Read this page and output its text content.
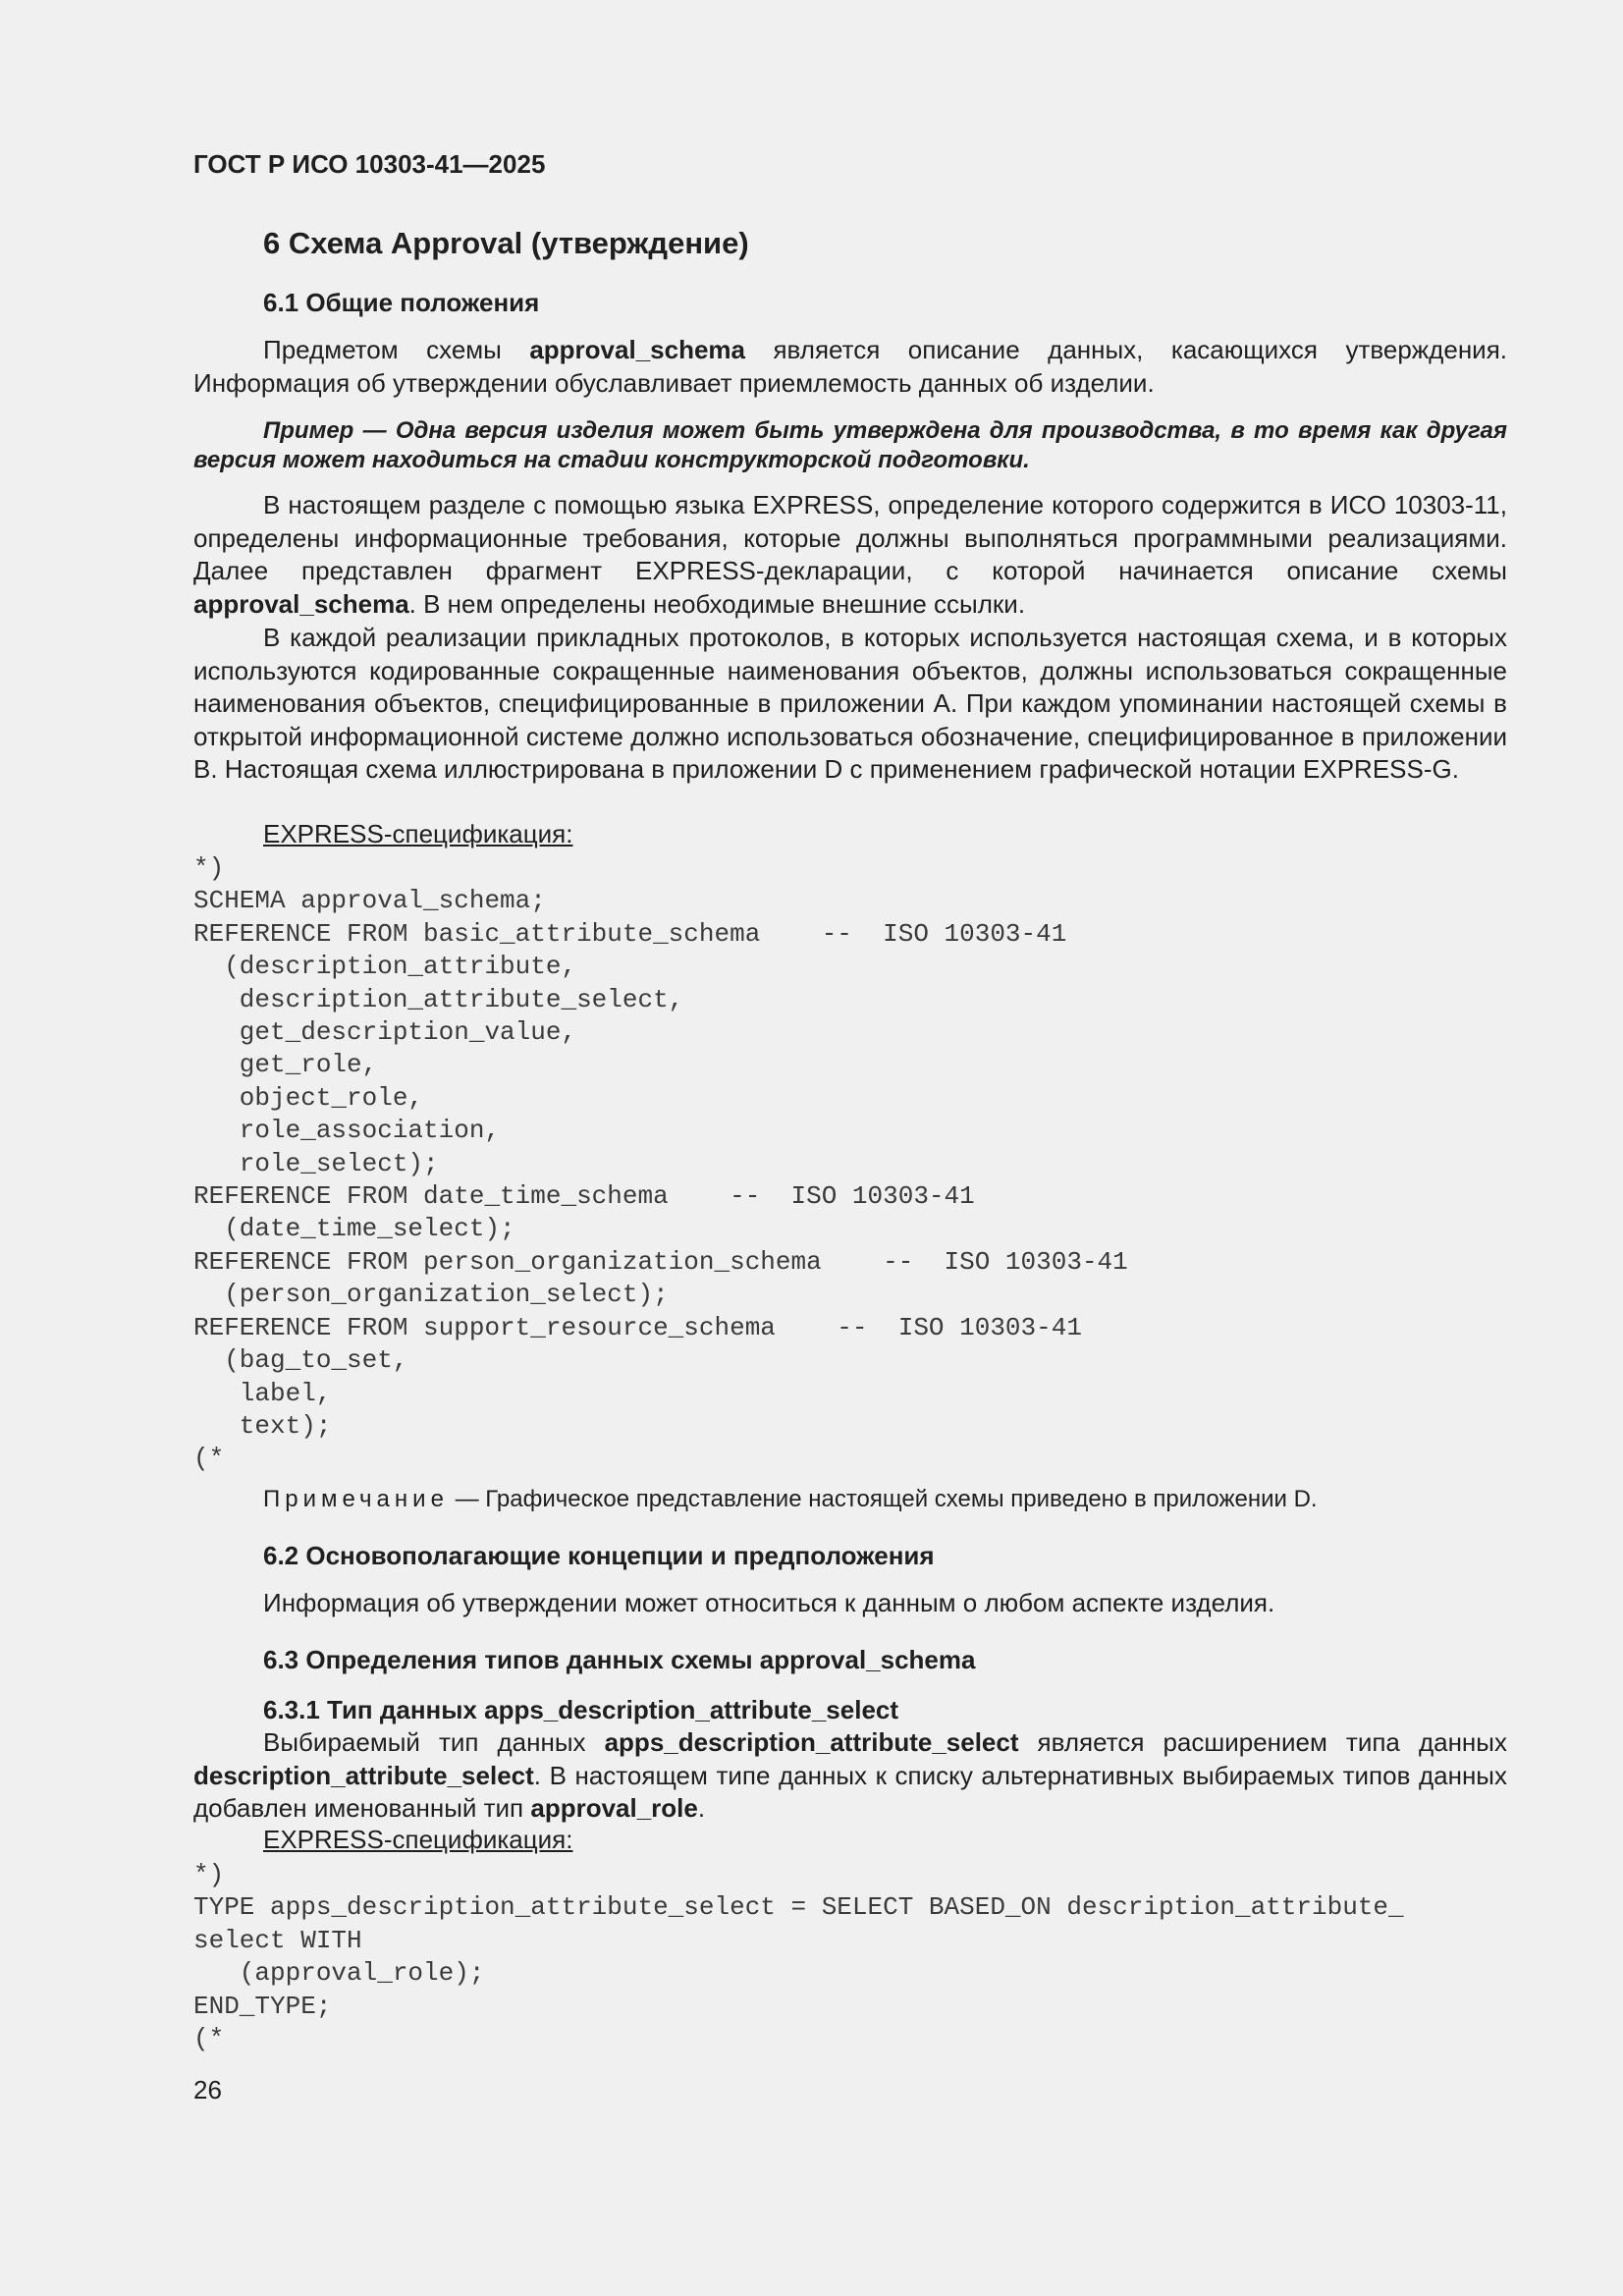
ГОСТ Р ИСО 10303-41—2025
6 Схема Approval (утверждение)
6.1 Общие положения
Предметом схемы approval_schema является описание данных, касающихся утверждения. Информация об утверждении обуславливает приемлемость данных об изделии.
Пример — Одна версия изделия может быть утверждена для производства, в то время как другая версия может находиться на стадии конструкторской подготовки.
В настоящем разделе с помощью языка EXPRESS, определение которого содержится в ИСО 10303-11, определены информационные требования, которые должны выполняться программными реализациями. Далее представлен фрагмент EXPRESS-декларации, с которой начинается описание схемы approval_schema. В нем определены необходимые внешние ссылки.
В каждой реализации прикладных протоколов, в которых используется настоящая схема, и в которых используются кодированные сокращенные наименования объектов, должны использоваться сокращенные наименования объектов, специфицированные в приложении A. При каждом упоминании настоящей схемы в открытой информационной системе должно использоваться обозначение, специфицированное в приложении B. Настоящая схема иллюстрирована в приложении D с применением графической нотации EXPRESS-G.
EXPRESS-спецификация:
*)
SCHEMA approval_schema;
REFERENCE FROM basic_attribute_schema    --  ISO 10303-41
(description_attribute,
description_attribute_select,
get_description_value,
get_role,
object_role,
role_association,
role_select);
REFERENCE FROM date_time_schema    --  ISO 10303-41
(date_time_select);
REFERENCE FROM person_organization_schema    --  ISO 10303-41
(person_organization_select);
REFERENCE FROM support_resource_schema    --  ISO 10303-41
(bag_to_set,
label,
text);
(*
Примечание — Графическое представление настоящей схемы приведено в приложении D.
6.2 Основополагающие концепции и предположения
Информация об утверждении может относиться к данным о любом аспекте изделия.
6.3 Определения типов данных схемы approval_schema
6.3.1 Тип данных apps_description_attribute_select
Выбираемый тип данных apps_description_attribute_select является расширением типа данных description_attribute_select. В настоящем типе данных к списку альтернативных выбираемых типов данных добавлен именованный тип approval_role.
EXPRESS-спецификация:
*)
TYPE apps_description_attribute_select = SELECT BASED_ON description_attribute_
select WITH
(approval_role);
END_TYPE;
(*
26
